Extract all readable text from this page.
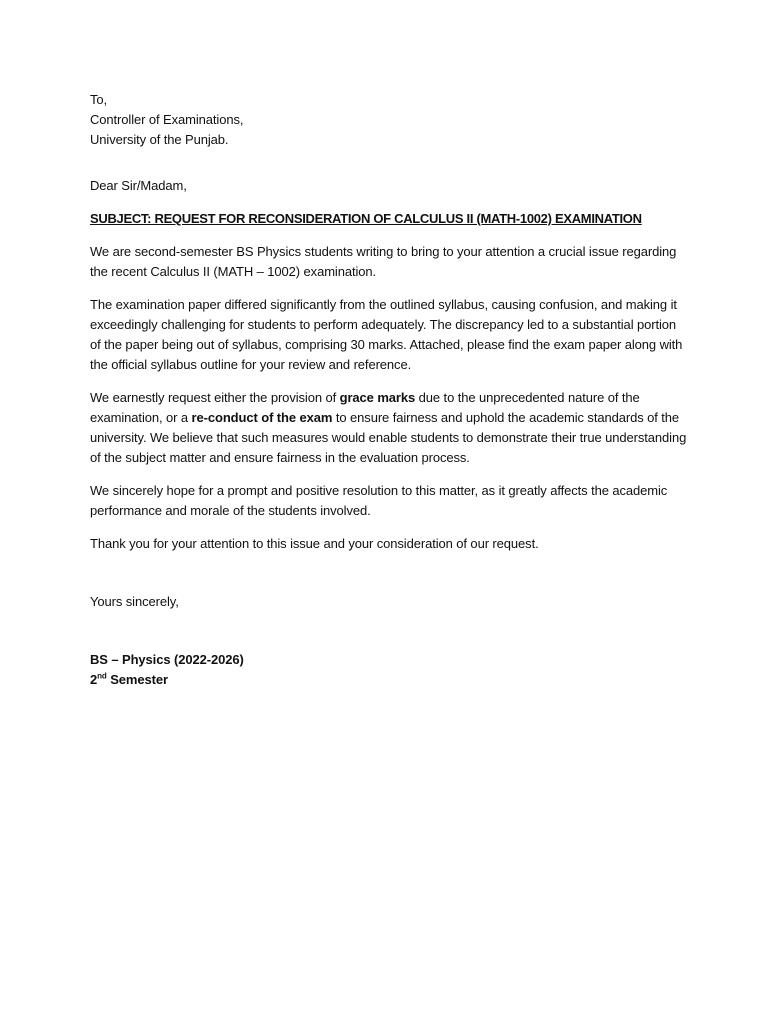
To,
Controller of Examinations,
University of the Punjab.

Dear Sir/Madam,

SUBJECT: REQUEST FOR RECONSIDERATION OF CALCULUS II (MATH-1002) EXAMINATION

We are second-semester BS Physics students writing to bring to your attention a crucial issue regarding the recent Calculus II (MATH – 1002) examination.

The examination paper differed significantly from the outlined syllabus, causing confusion, and making it exceedingly challenging for students to perform adequately. The discrepancy led to a substantial portion of the paper being out of syllabus, comprising 30 marks. Attached, please find the exam paper along with the official syllabus outline for your review and reference.

We earnestly request either the provision of grace marks due to the unprecedented nature of the examination, or a re-conduct of the exam to ensure fairness and uphold the academic standards of the university. We believe that such measures would enable students to demonstrate their true understanding of the subject matter and ensure fairness in the evaluation process.

We sincerely hope for a prompt and positive resolution to this matter, as it greatly affects the academic performance and morale of the students involved.

Thank you for your attention to this issue and your consideration of our request.

Yours sincerely,

BS – Physics (2022-2026)
2nd Semester
